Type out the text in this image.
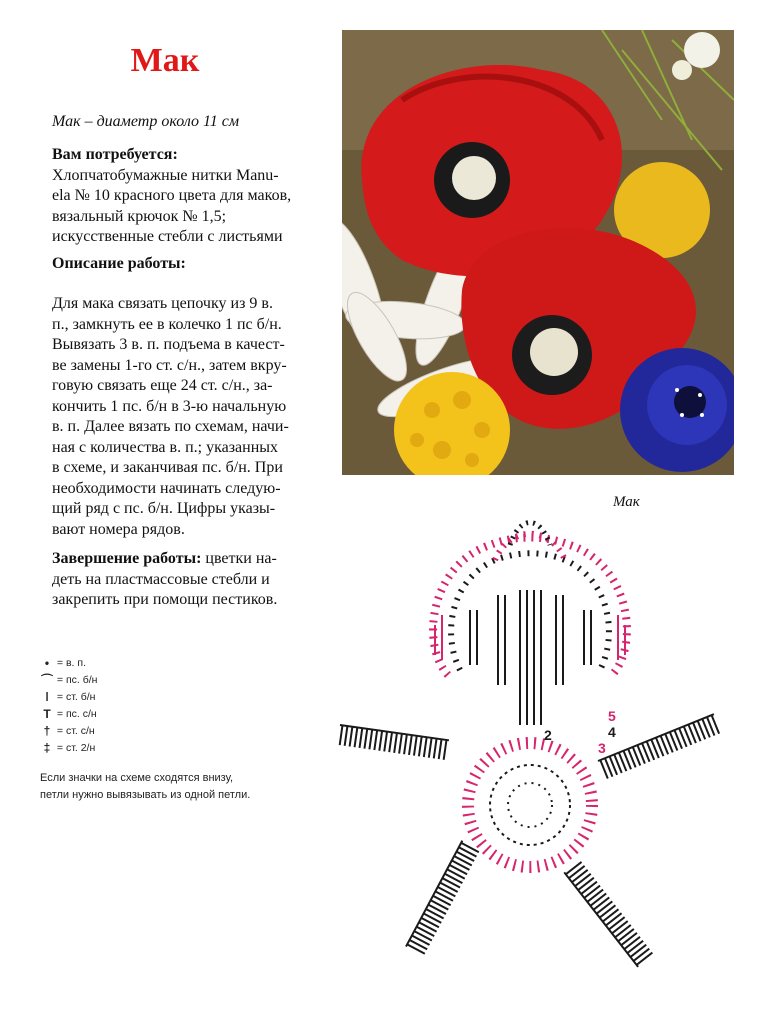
Мак
Мак – диаметр около 11 см
Вам потребуется:
Хлопчатобумажные нитки Manu-
ela № 10 красного цвета для маков,
вязальный крючок № 1,5;
искусственные стебли с листьями
Описание работы:
Для мака связать цепочку из 9 в.
п., замкнуть ее в колечко 1 пс б/н.
Вывязать 3 в. п. подъема в качест-
ве замены 1-го ст. с/н., затем вкру-
говую связать еще 24 ст. с/н., за-
кончить 1 пс. б/н в 3-ю начальную
в. п. Далее вязать по схемам, начи-
ная с количества в. п.; указанных
в схеме, и заканчивая пс. б/н. При
необходимости начинать следую-
щий ряд с пс. б/н. Цифры указы-
вают номера рядов.
Завершение работы: цветки на-
деть на пластмассовые стебли и
закрепить при помощи пестиков.
•
= в. п.
⌒
= пс. б/н
ǀ
= ст. б/н
T
= пс. с/н
†
= ст. с/н
‡
= ст. 2/н
Если значки на схеме сходятся внизу, петли нужно вывязывать из одной петли.
Мак
2
3
4
5
